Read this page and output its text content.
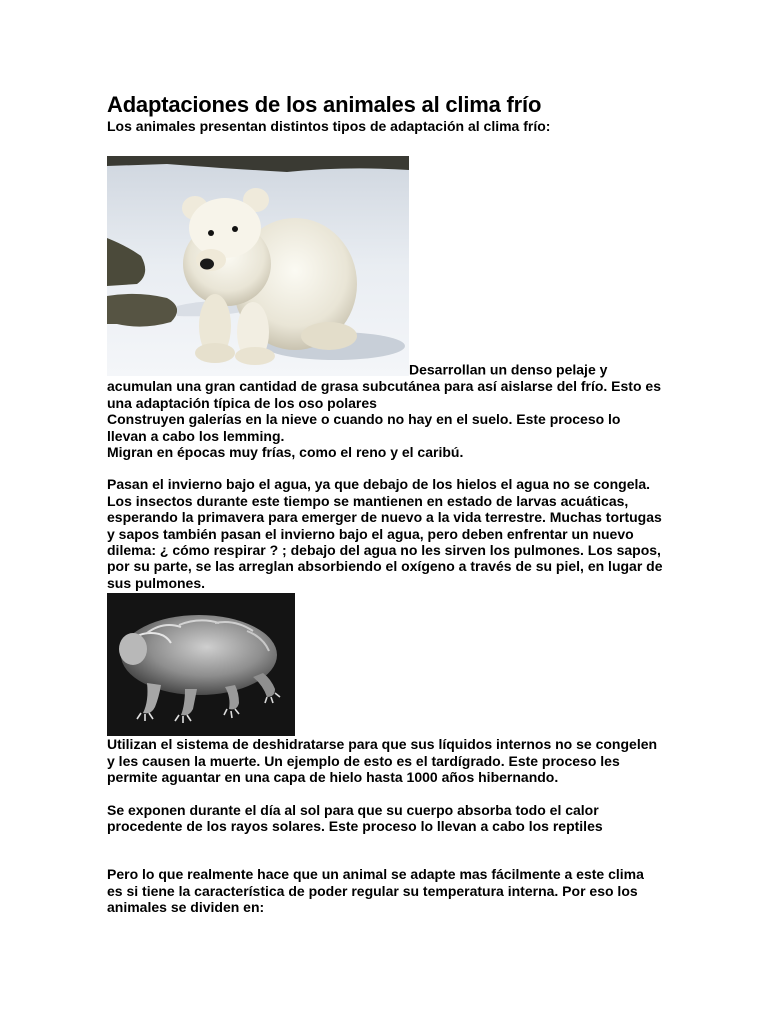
Adaptaciones de los animales al clima frío

Los animales presentan distintos tipos de adaptación al clima frío:

Desarrollan un denso pelaje y acumulan una gran cantidad de grasa subcutánea para así aislarse del frío. Esto es una adaptación típica de los oso polares

Construyen galerías en la nieve o cuando no hay en el suelo. Este proceso lo llevan a cabo los lemming.

Migran en épocas muy frías, como el reno y el caribú.

Pasan el invierno bajo el agua, ya que debajo de los hielos el agua no se congela. Los insectos durante este tiempo se mantienen en estado de larvas acuáticas, esperando la primavera para emerger de nuevo a la vida terrestre. Muchas tortugas y sapos también pasan el invierno bajo el agua, pero deben enfrentar un nuevo dilema: ¿ cómo respirar ? ; debajo del agua no les sirven los pulmones. Los sapos, por su parte, se las arreglan absorbiendo el oxígeno a través de su piel, en lugar de sus pulmones.

Utilizan el sistema de deshidratarse para que sus líquidos internos no se congelen y les causen la muerte. Un ejemplo de esto es el tardígrado. Este proceso les permite aguantar en una capa de hielo hasta 1000 años hibernando.

Se exponen durante el día al sol para que su cuerpo absorba todo el calor procedente de los rayos solares. Este proceso lo llevan a cabo los reptiles

Pero lo que realmente hace que un animal se adapte mas fácilmente a este clima es si tiene la característica de poder regular su temperatura interna. Por eso los animales se dividen en:
